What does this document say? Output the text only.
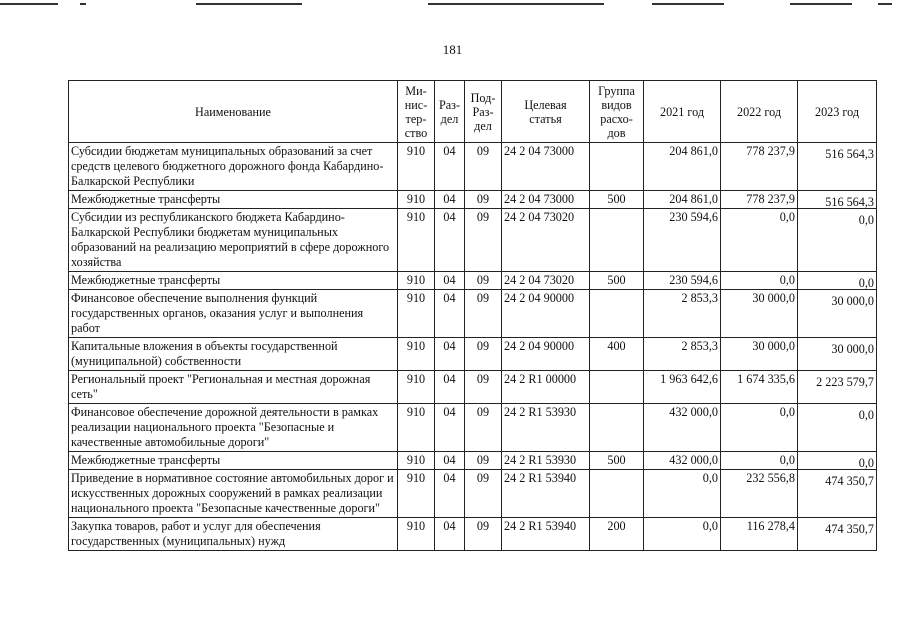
181
Наименование	Ми-
нис-
тер-
ство	Раз-
дел	Под-
Раз-
дел	Целевая
статья	Группа
видов
расхо-
дов	2021 год	2022 год	2023 год
Субсидии бюджетам муниципальных образований за счет средств целевого бюджетного дорожного фонда Кабардино-Балкарской Республики	910	04	09	24 2 04 73000		204 861,0	778 237,9	516 564,3
Межбюджетные трансферты	910	04	09	24 2 04 73000	500	204 861,0	778 237,9	516 564,3
Субсидии из республиканского бюджета Кабардино-Балкарской Республики бюджетам муниципальных образований на реализацию мероприятий в сфере дорожного хозяйства	910	04	09	24 2 04 73020		230 594,6	0,0	0,0
Межбюджетные трансферты	910	04	09	24 2 04 73020	500	230 594,6	0,0	0,0
Финансовое обеспечение выполнения функций государственных органов, оказания услуг и выполнения работ	910	04	09	24 2 04 90000		2 853,3	30 000,0	30 000,0
Капитальные вложения в объекты государственной (муниципальной) собственности	910	04	09	24 2 04 90000	400	2 853,3	30 000,0	30 000,0
Региональный проект "Региональная и местная дорожная сеть"	910	04	09	24 2 R1 00000		1 963 642,6	1 674 335,6	2 223 579,7
Финансовое обеспечение дорожной деятельности в рамках реализации национального проекта "Безопасные и качественные автомобильные дороги"	910	04	09	24 2 R1 53930		432 000,0	0,0	0,0
Межбюджетные трансферты	910	04	09	24 2 R1 53930	500	432 000,0	0,0	0,0
Приведение в нормативное состояние автомобильных дорог и искусственных дорожных сооружений в рамках реализации национального проекта "Безопасные качественные дороги"	910	04	09	24 2 R1 53940		0,0	232 556,8	474 350,7
Закупка товаров, работ и услуг для обеспечения государственных (муниципальных) нужд	910	04	09	24 2 R1 53940	200	0,0	116 278,4	474 350,7
